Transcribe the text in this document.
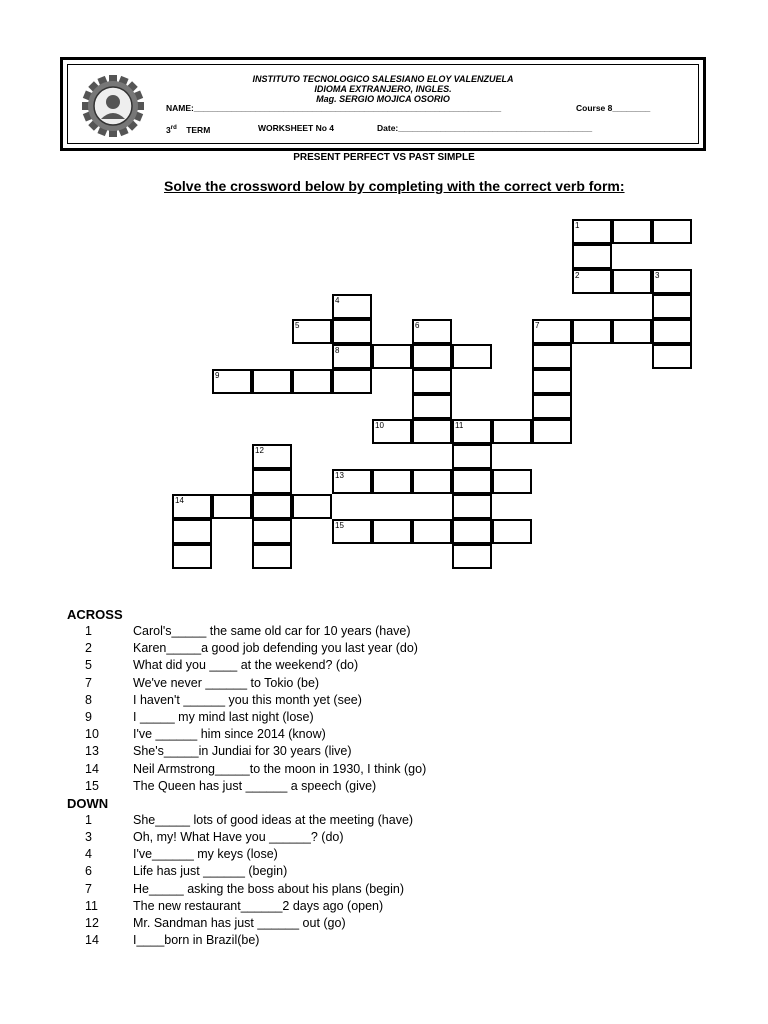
INSTITUTO TECNOLOGICO SALESIANO ELOY VALENZUELA
IDIOMA EXTRANJERO, INGLES.
Mag. SERGIO MOJICA OSORIO
NAME:_________________________________________________________________	Course 8________
3rd TERM	WORKSHEET No 4	Date:_________________________________________
PRESENT PERFECT VS PAST SIMPLE
Solve the crossword below by completing with the correct verb form:
1
2	3
7
4
5	6
8
9
10	11
12
13
14
15
ACROSS
1	Carol's_____ the same old car for 10 years (have)
2	Karen_____a good job defending you last year (do)
5	What did you ____ at the weekend? (do)
7	We've never ______ to Tokio (be)
8	I haven't ______ you this month yet (see)
9	I _____ my mind last night (lose)
10	I've ______ him since 2014 (know)
13	She's_____in Jundiai for 30 years (live)
14	Neil Armstrong_____to the moon in 1930, I think (go)
15	The Queen has just ______ a speech (give)
DOWN
1	She_____ lots of good ideas at the meeting (have)
3	Oh, my! What Have you ______? (do)
4	I've______ my keys (lose)
6	Life has just ______ (begin)
7	He_____ asking the boss about his plans (begin)
11	The new restaurant______2 days ago (open)
12	Mr. Sandman has just ______ out (go)
14	I____born in Brazil(be)
